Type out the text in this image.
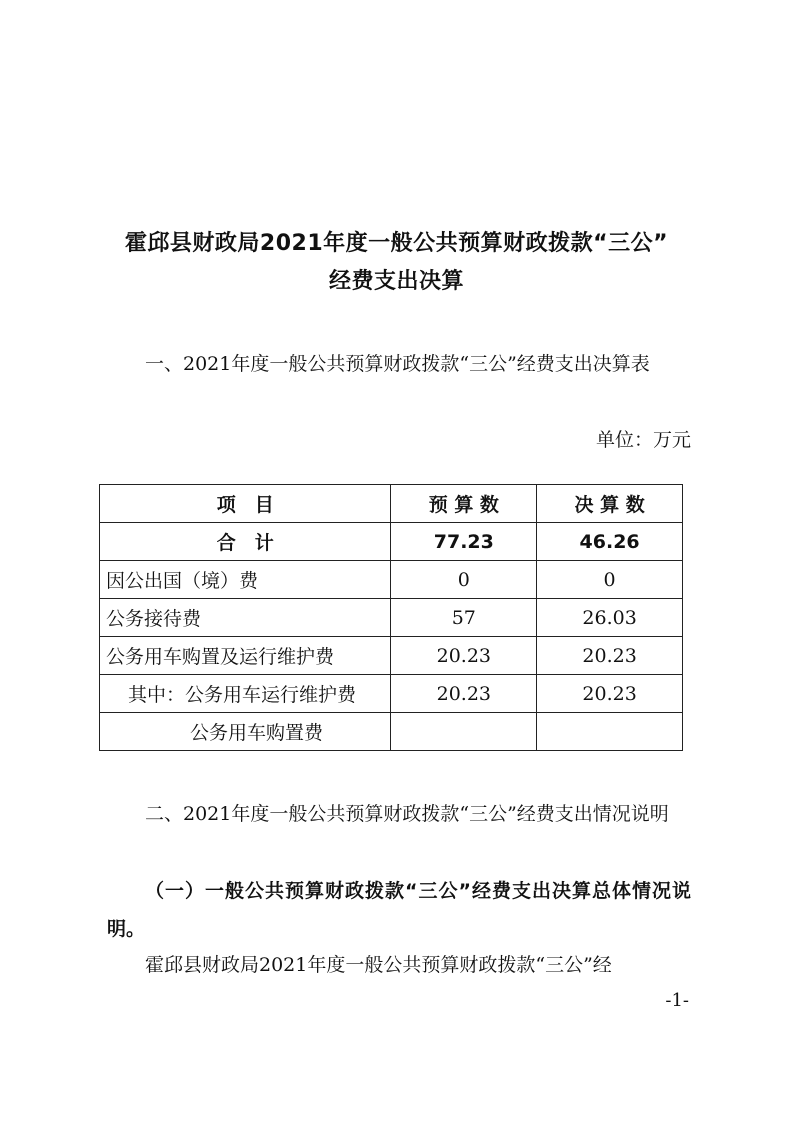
霍邱县财政局2021年度一般公共预算财政拨款“三公”
经费支出决算

一、2021年度一般公共预算财政拨款“三公”经费支出决算表

单位：万元

项　目	预 算 数	决 算 数
合　计	77.23	46.26
因公出国（境）费	0	0
公务接待费	57	26.03
公务用车购置及运行维护费	20.23	20.23
其中：公务用车运行维护费	20.23	20.23
公务用车购置费		

二、2021年度一般公共预算财政拨款“三公”经费支出情况说明

（一）一般公共预算财政拨款“三公”经费支出决算总体情况说明。

霍邱县财政局2021年度一般公共预算财政拨款“三公”经

-1-
